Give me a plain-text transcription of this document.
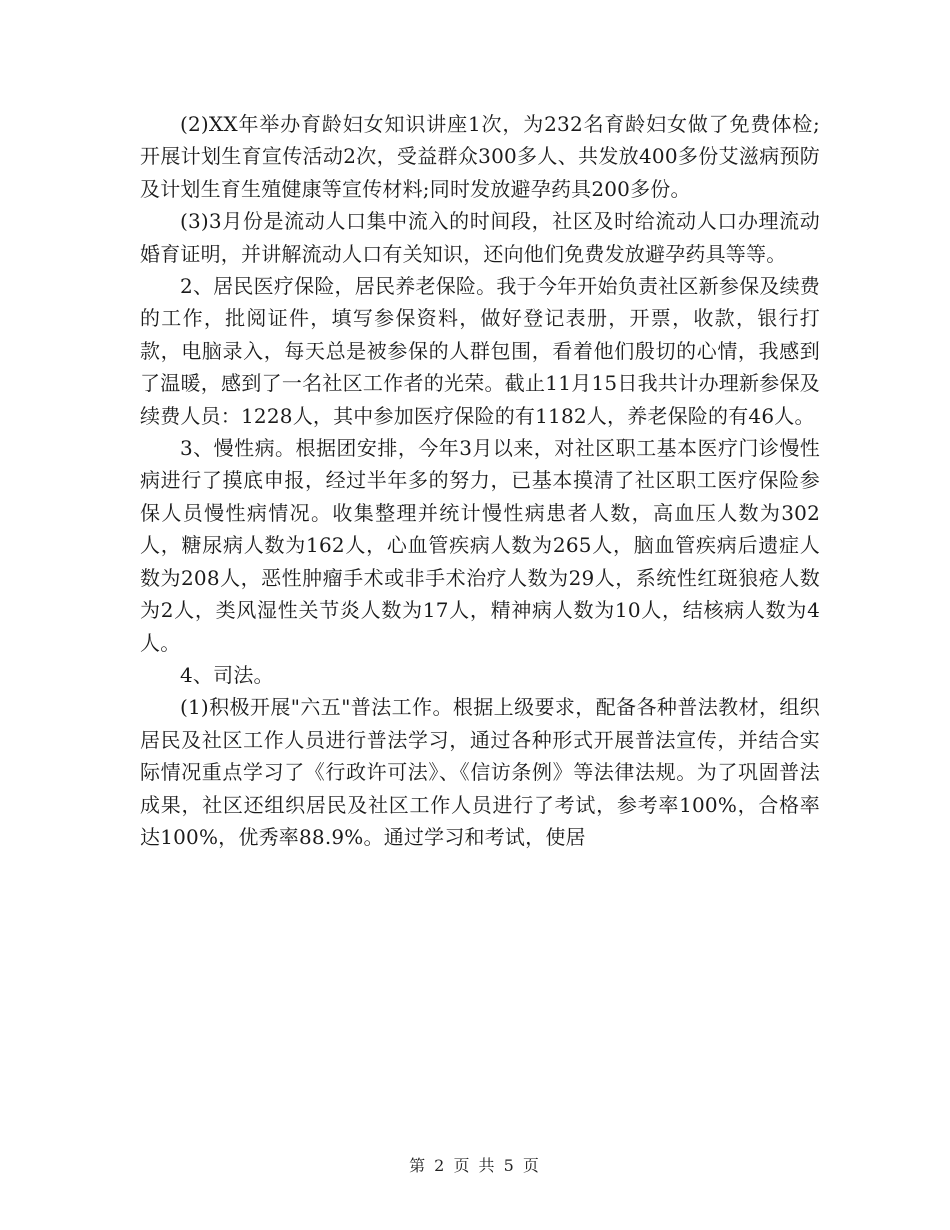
(2)XX年举办育龄妇女知识讲座1次，为232名育龄妇女做了免费体检;开展计划生育宣传活动2次，受益群众300多人、共发放400多份艾滋病预防及计划生育生殖健康等宣传材料;同时发放避孕药具200多份。

(3)3月份是流动人口集中流入的时间段，社区及时给流动人口办理流动婚育证明，并讲解流动人口有关知识，还向他们免费发放避孕药具等等。

2、居民医疗保险，居民养老保险。我于今年开始负责社区新参保及续费的工作，批阅证件，填写参保资料，做好登记表册，开票，收款，银行打款，电脑录入，每天总是被参保的人群包围，看着他们殷切的心情，我感到了温暖，感到了一名社区工作者的光荣。截止11月15日我共计办理新参保及续费人员：1228人，其中参加医疗保险的有1182人，养老保险的有46人。

3、慢性病。根据团安排，今年3月以来，对社区职工基本医疗门诊慢性病进行了摸底申报，经过半年多的努力，已基本摸清了社区职工医疗保险参保人员慢性病情况。收集整理并统计慢性病患者人数，高血压人数为302人，糖尿病人数为162人，心血管疾病人数为265人，脑血管疾病后遗症人数为208人，恶性肿瘤手术或非手术治疗人数为29人，系统性红斑狼疮人数为2人，类风湿性关节炎人数为17人，精神病人数为10人，结核病人数为4人。

4、司法。

(1)积极开展"六五"普法工作。根据上级要求，配备各种普法教材，组织居民及社区工作人员进行普法学习，通过各种形式开展普法宣传，并结合实际情况重点学习了《行政许可法》、《信访条例》等法律法规。为了巩固普法成果，社区还组织居民及社区工作人员进行了考试，参考率100%，合格率达100%，优秀率88.9%。通过学习和考试，使居

第 2 页 共 5 页
